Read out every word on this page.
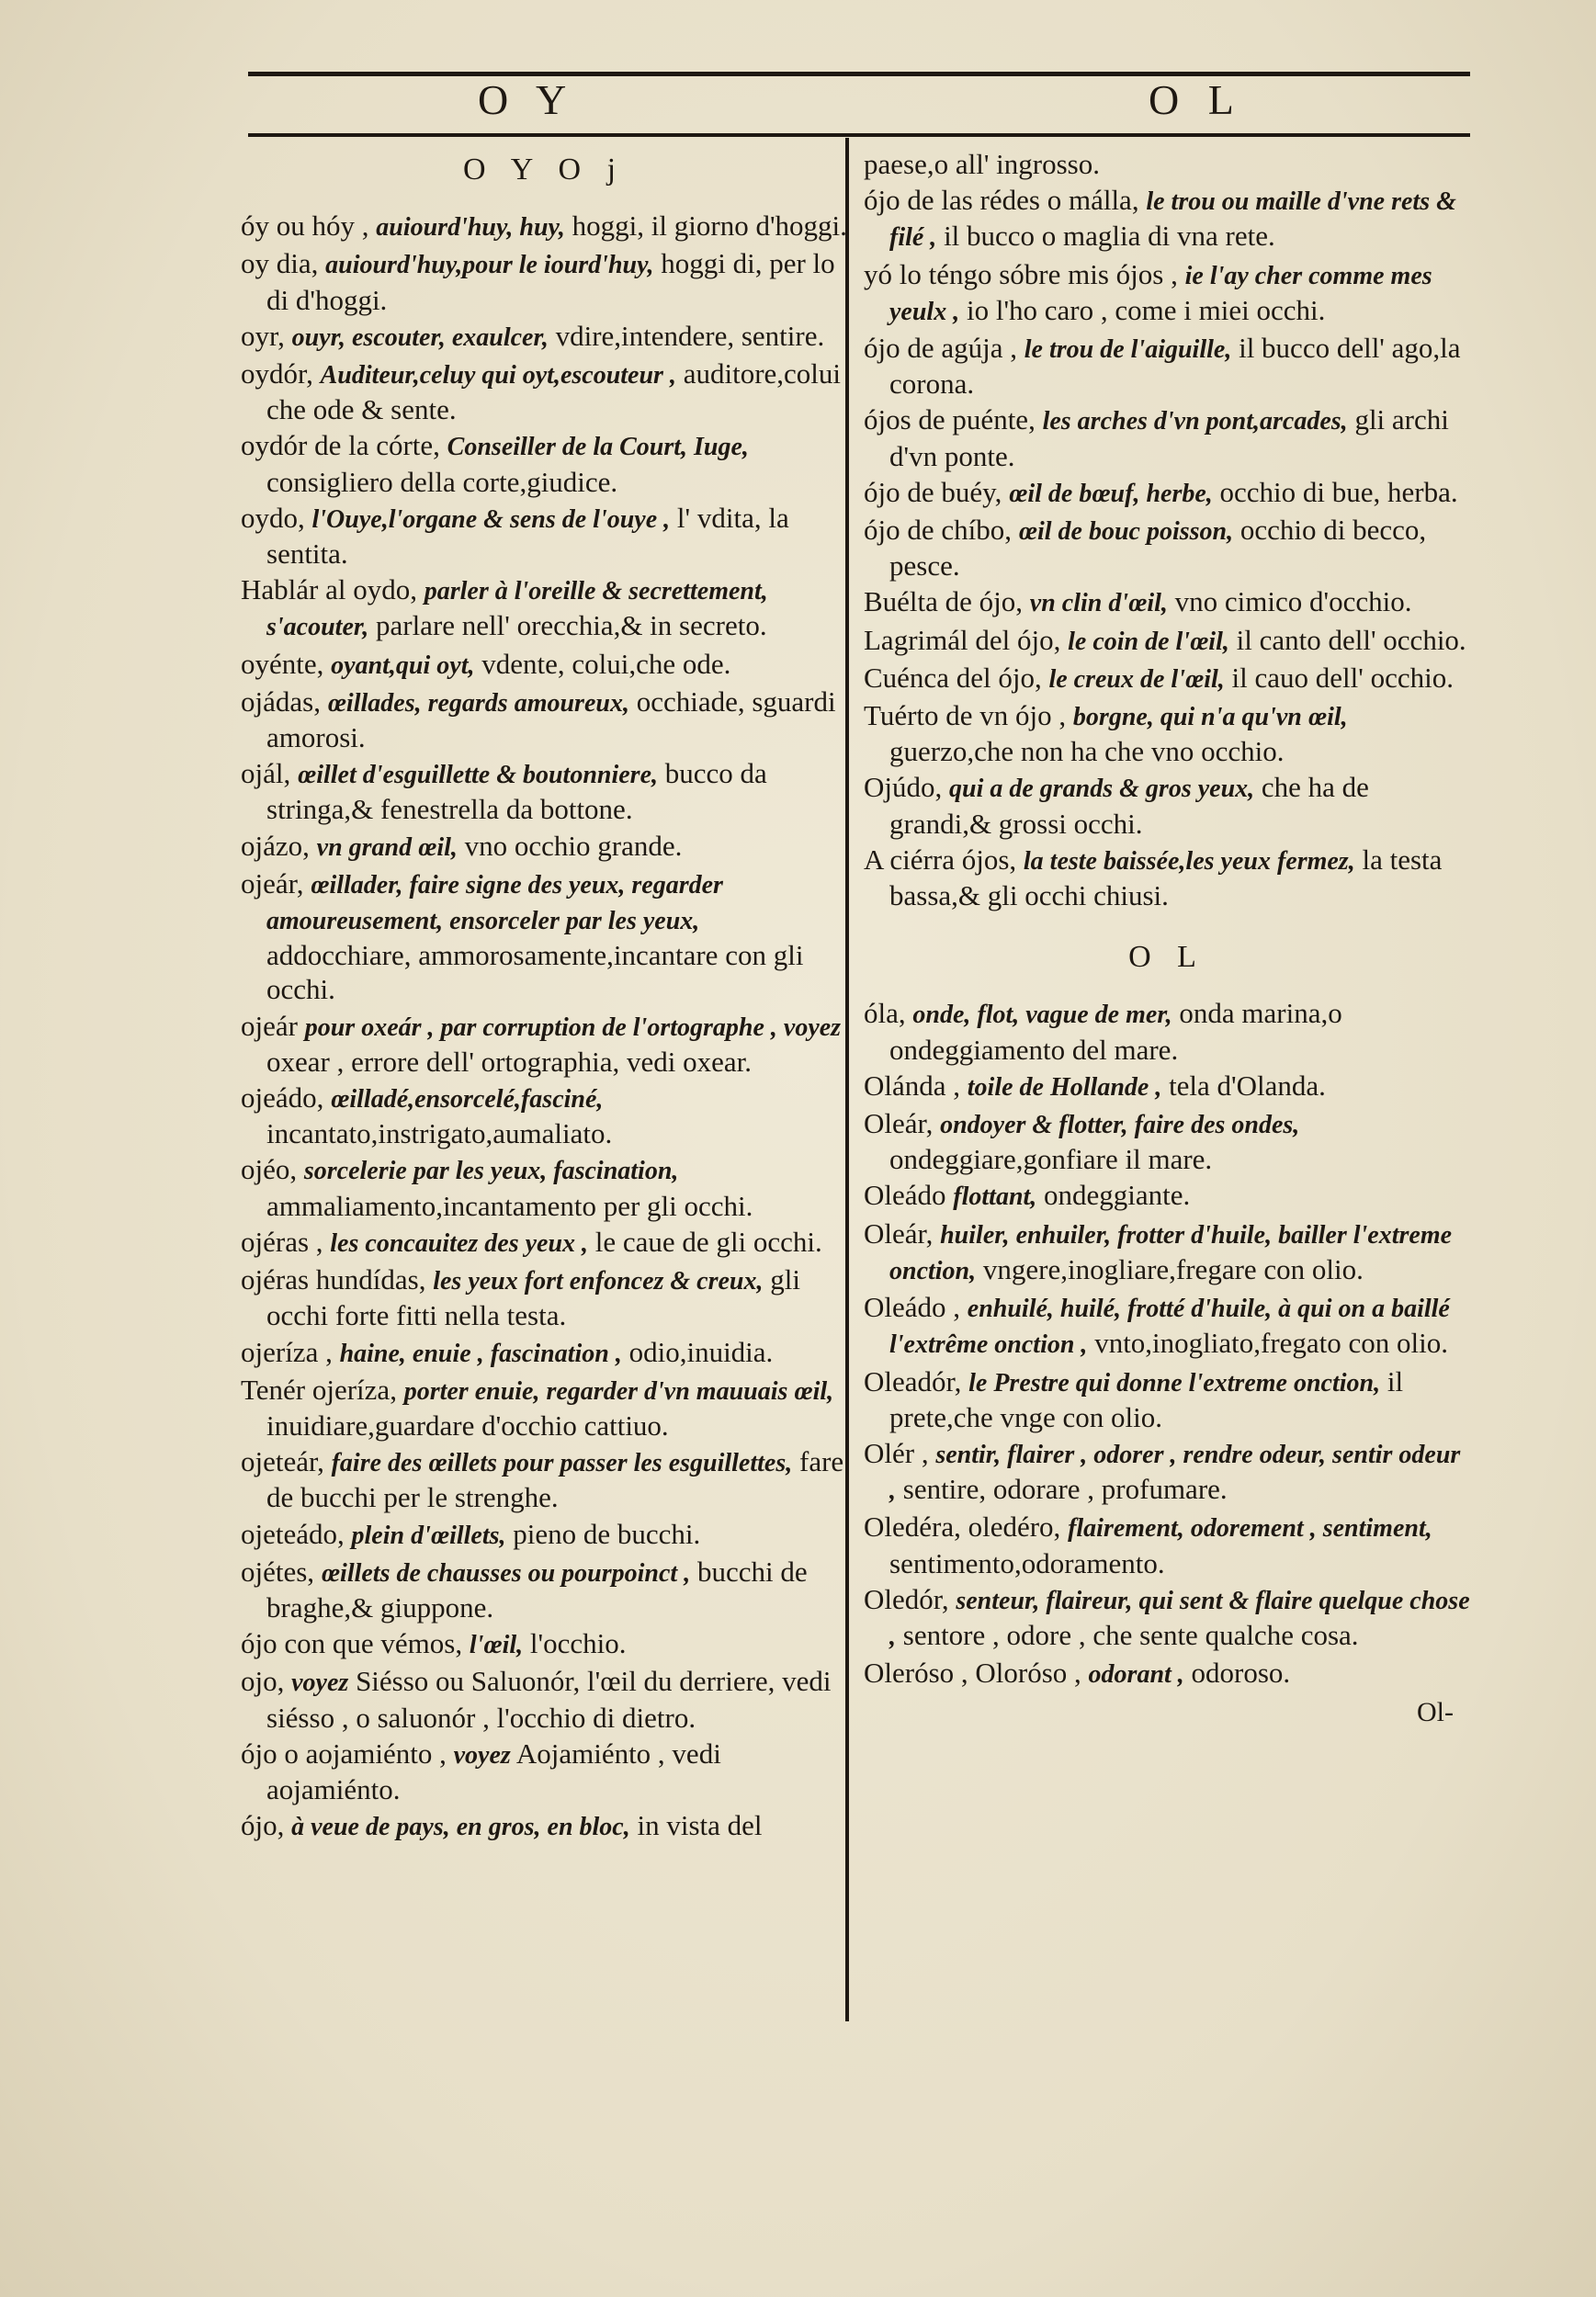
O Y	O L
O Y O j
óy ou hóy , auiourd'huy, huy, hoggi, il giorno d'hoggi.
oy dia, auiourd'huy,pour le iourd'huy, hoggi di, per lo di d'hoggi.
oyr, ouyr, escouter, exaulcer, vdire,intendere, sentire.
oydór, Auditeur,celuy qui oyt,escouteur , auditore,colui che ode & sente.
oydór de la córte, Conseiller de la Court, Iuge, consigliero della corte,giudice.
oydo, l'Ouye,l'organe & sens de l'ouye , l' vdita, la sentita.
Hablár al oydo, parler à l'oreille & secrettement, s'acouter, parlare nell' orecchia,& in secreto.
oyénte, oyant,qui oyt, vdente, colui,che ode.
ojádas, œillades, regards amoureux, occhiade, sguardi amorosi.
ojál, œillet d'esguillette & boutonniere, bucco da stringa,& fenestrella da bottone.
ojázo, vn grand œil, vno occhio grande.
ojeár, œillader, faire signe des yeux, regarder amoureusement, ensorceler par les yeux, addocchiare, ammorosamente,incantare con gli occhi.
ojeár pour oxeár , par corruption de l'ortographe , voyez oxear , errore dell' ortographia, vedi oxear.
ojeádo, œilladé,ensorcelé,fasciné, incantato,instrigato,aumaliato.
ojéo, sorcelerie par les yeux, fascination, ammaliamento,incantamento per gli occhi.
ojéras , les concauitez des yeux , le caue de gli occhi.
ojéras hundídas, les yeux fort enfoncez & creux, gli occhi forte fitti nella testa.
ojeríza , haine, enuie , fascination , odio,inuidia.
Tenér ojeríza, porter enuie, regarder d'vn mauuais œil, inuidiare,guardare d'occhio cattiuo.
ojeteár, faire des œillets pour passer les esguillettes, fare de bucchi per le strenghe.
ojeteádo, plein d'œillets, pieno de bucchi.
ojétes, œillets de chausses ou pourpoinct , bucchi de braghe,& giuppone.
ójo con que vémos, l'œil, l'occhio.
ojo, voyez Siésso ou Saluonór, l'œil du derriere, vedi siésso , o saluonór , l'occhio di dietro.
ójo o aojamiénto , voyez Aojamiénto , vedi aojamiénto.
ójo, à veue de pays, en gros, en bloc, in vista del
paese,o all' ingrosso.
ójo de las rédes o málla, le trou ou maille d'vne rets & filé , il bucco o maglia di vna rete.
yó lo téngo sóbre mis ójos , ie l'ay cher comme mes yeulx , io l'ho caro , come i miei occhi.
ójo de agúja , le trou de l'aiguille, il bucco dell' ago,la corona.
ójos de puénte, les arches d'vn pont,arcades, gli archi d'vn ponte.
ójo de buéy, œil de bœuf, herbe, occhio di bue, herba.
ójo de chíbo, œil de bouc poisson, occhio di becco, pesce.
Buélta de ójo, vn clin d'œil, vno cimico d'occhio.
Lagrimál del ójo, le coin de l'œil, il canto dell' occhio.
Cuénca del ójo, le creux de l'œil, il cauo dell' occhio.
Tuérto de vn ójo , borgne, qui n'a qu'vn œil, guerzo,che non ha che vno occhio.
Ojúdo, qui a de grands & gros yeux, che ha de grandi,& grossi occhi.
A ciérra ójos, la teste baissée,les yeux fermez, la testa bassa,& gli occhi chiusi.
O L
óla, onde, flot, vague de mer, onda marina,o ondeggiamento del mare.
Olánda , toile de Hollande , tela d'Olanda.
Oleár, ondoyer & flotter, faire des ondes, ondeggiare,gonfiare il mare.
Oleádo flottant, ondeggiante.
Oleár, huiler, enhuiler, frotter d'huile, bailler l'extreme onction, vngere,inogliare,fregare con olio.
Oleádo , enhuilé, huilé, frotté d'huile, à qui on a baillé l'extrême onction , vnto,inogliato,fregato con olio.
Oleadór, le Prestre qui donne l'extreme onction, il prete,che vnge con olio.
Olér , sentir, flairer , odorer , rendre odeur, sentir odeur , sentire, odorare , profumare.
Oledéra, oledéro, flairement, odorement , sentiment, sentimento,odoramento.
Oledór, senteur, flaireur, qui sent & flaire quelque chose , sentore , odore , che sente qualche cosa.
Oleróso , Oloróso , odorant , odoroso.
Ol-
